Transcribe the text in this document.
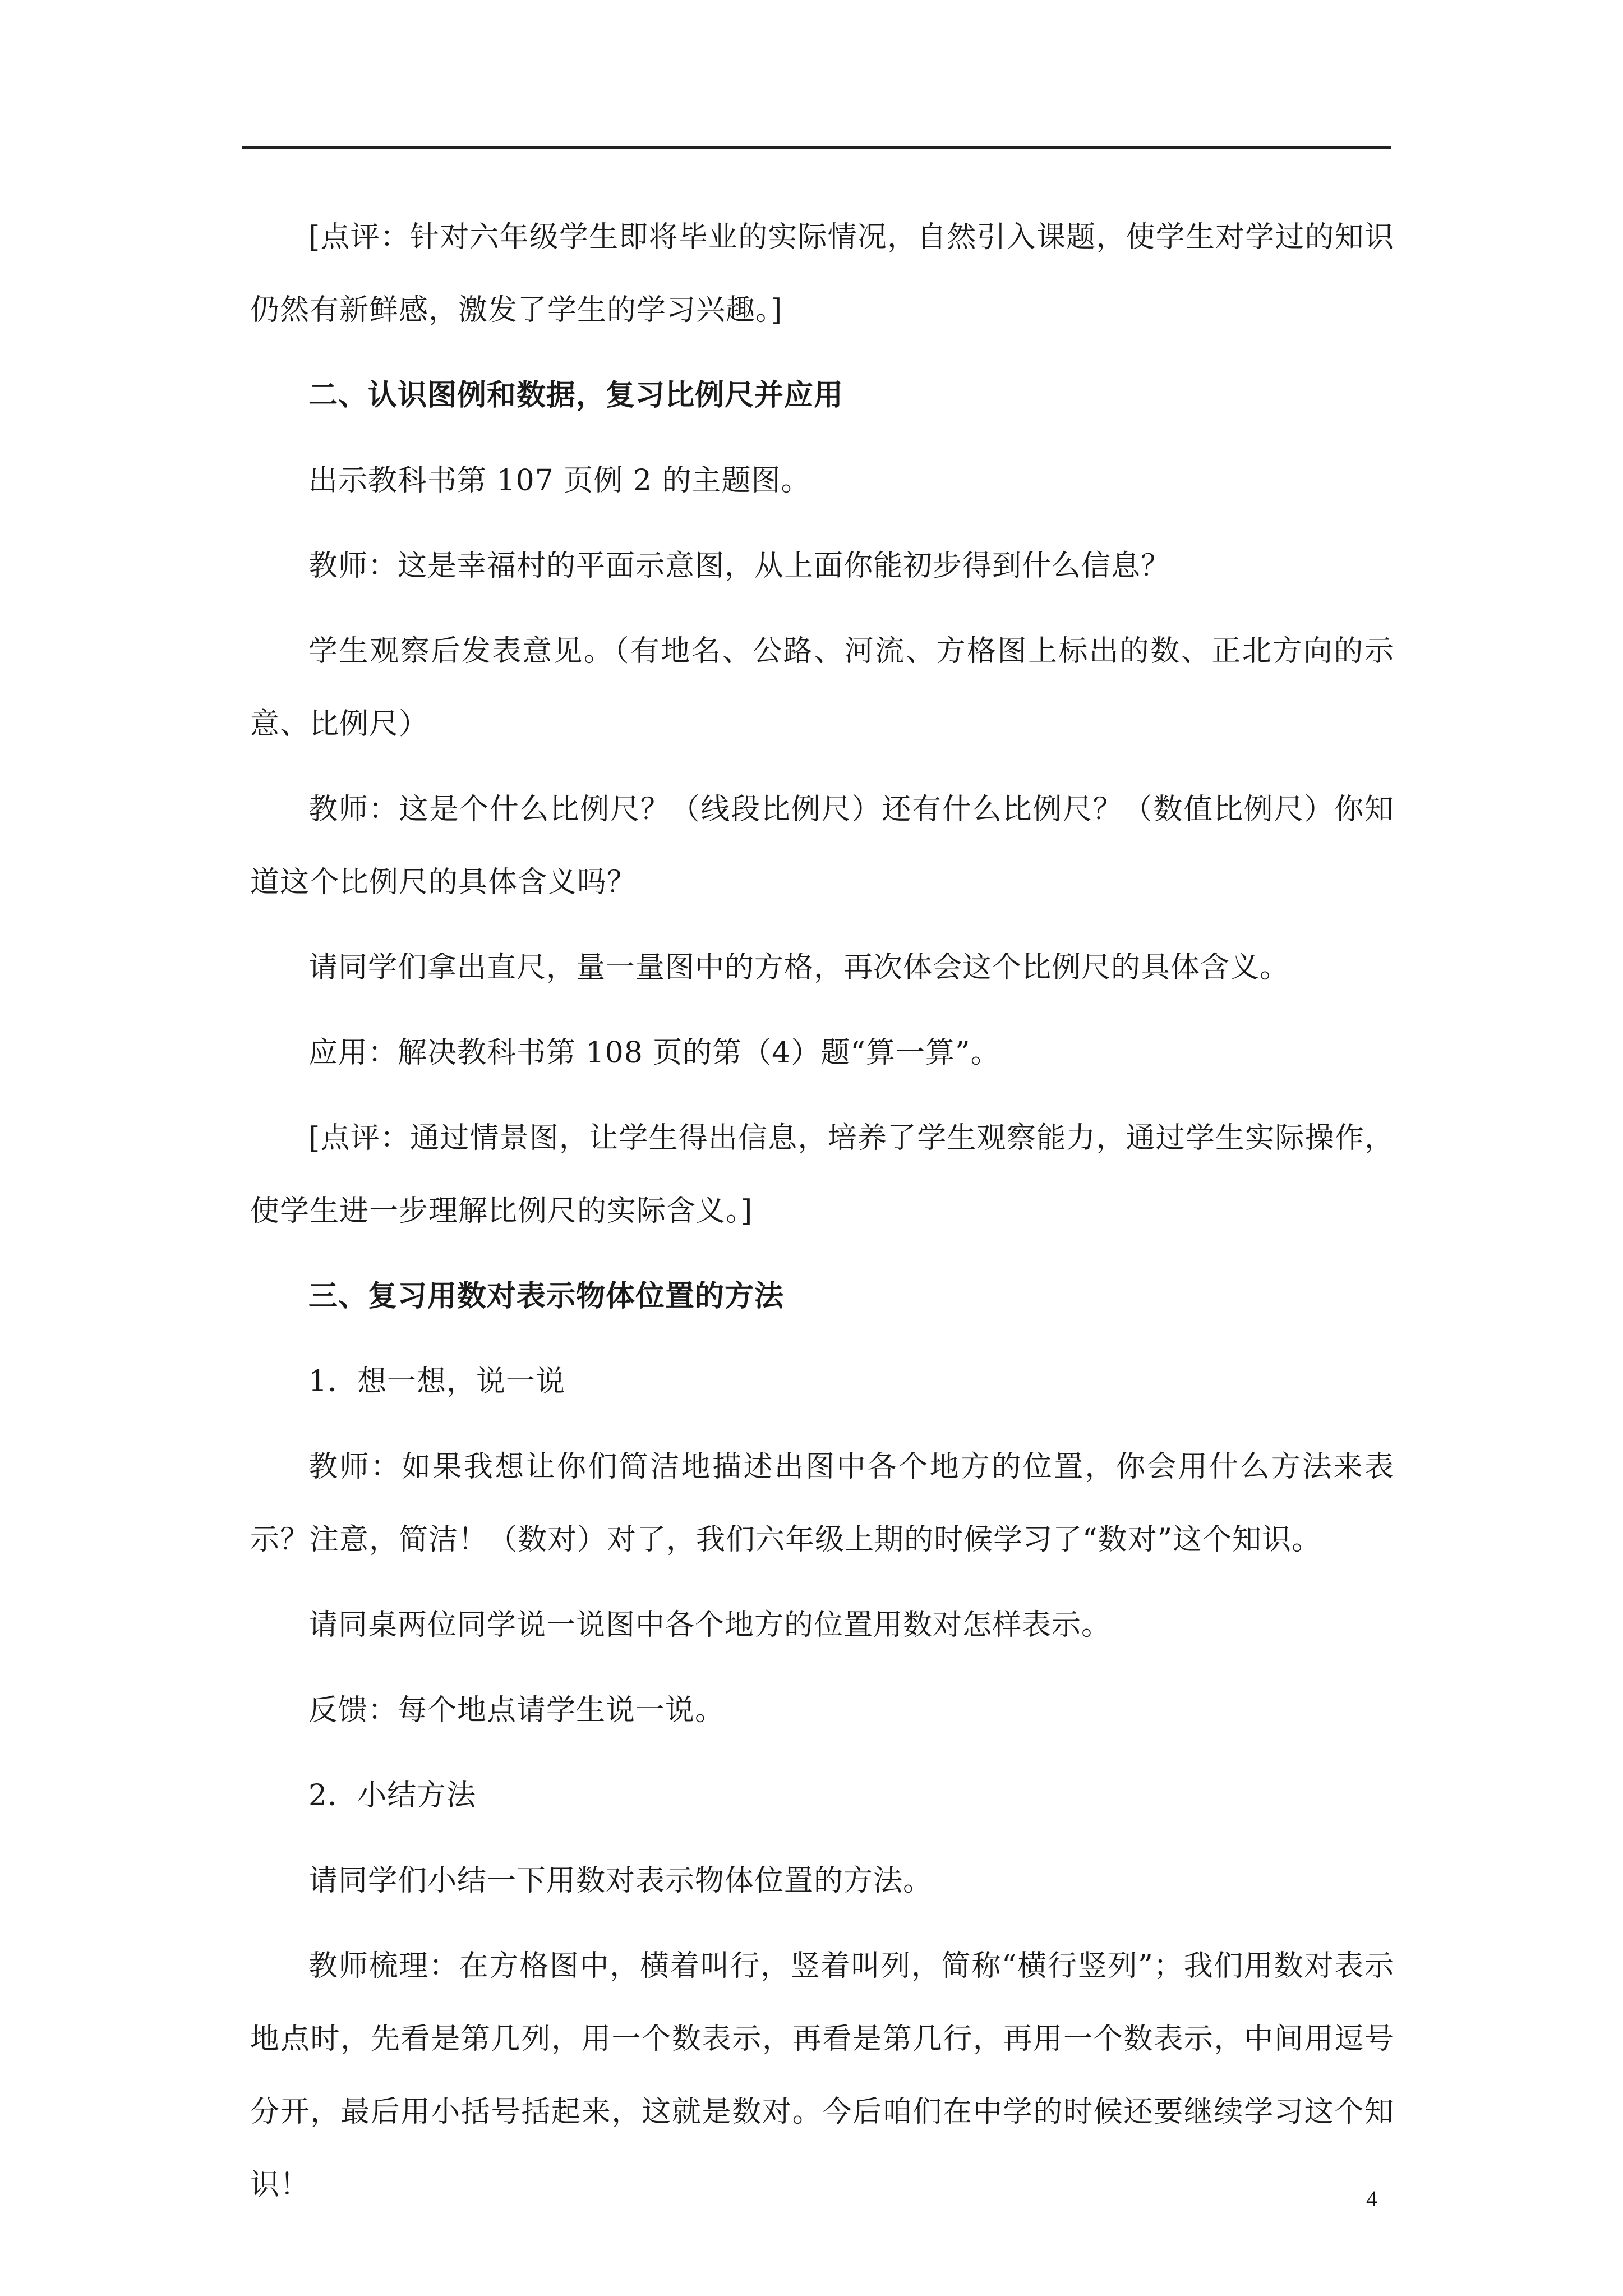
[点评：针对六年级学生即将毕业的实际情况，自然引入课题，使学生对学过的知识仍然有新鲜感，激发了学生的学习兴趣。]

二、认识图例和数据，复习比例尺并应用

出示教科书第 107 页例 2 的主题图。

教师：这是幸福村的平面示意图，从上面你能初步得到什么信息？

学生观察后发表意见。（有地名、公路、河流、方格图上标出的数、正北方向的示意、比例尺）

教师：这是个什么比例尺？（线段比例尺）还有什么比例尺？（数值比例尺）你知道这个比例尺的具体含义吗？

请同学们拿出直尺，量一量图中的方格，再次体会这个比例尺的具体含义。

应用：解决教科书第 108 页的第（4）题“算一算”。

[点评：通过情景图，让学生得出信息，培养了学生观察能力，通过学生实际操作，使学生进一步理解比例尺的实际含义。]

三、复习用数对表示物体位置的方法

1．想一想，说一说

教师：如果我想让你们简洁地描述出图中各个地方的位置，你会用什么方法来表示？注意，简洁！（数对）对了，我们六年级上期的时候学习了“数对”这个知识。

请同桌两位同学说一说图中各个地方的位置用数对怎样表示。

反馈：每个地点请学生说一说。

2．小结方法

请同学们小结一下用数对表示物体位置的方法。

教师梳理：在方格图中，横着叫行，竖着叫列，简称“横行竖列”；我们用数对表示地点时，先看是第几列，用一个数表示，再看是第几行，再用一个数表示，中间用逗号分开，最后用小括号括起来，这就是数对。今后咱们在中学的时候还要继续学习这个知识！	4
